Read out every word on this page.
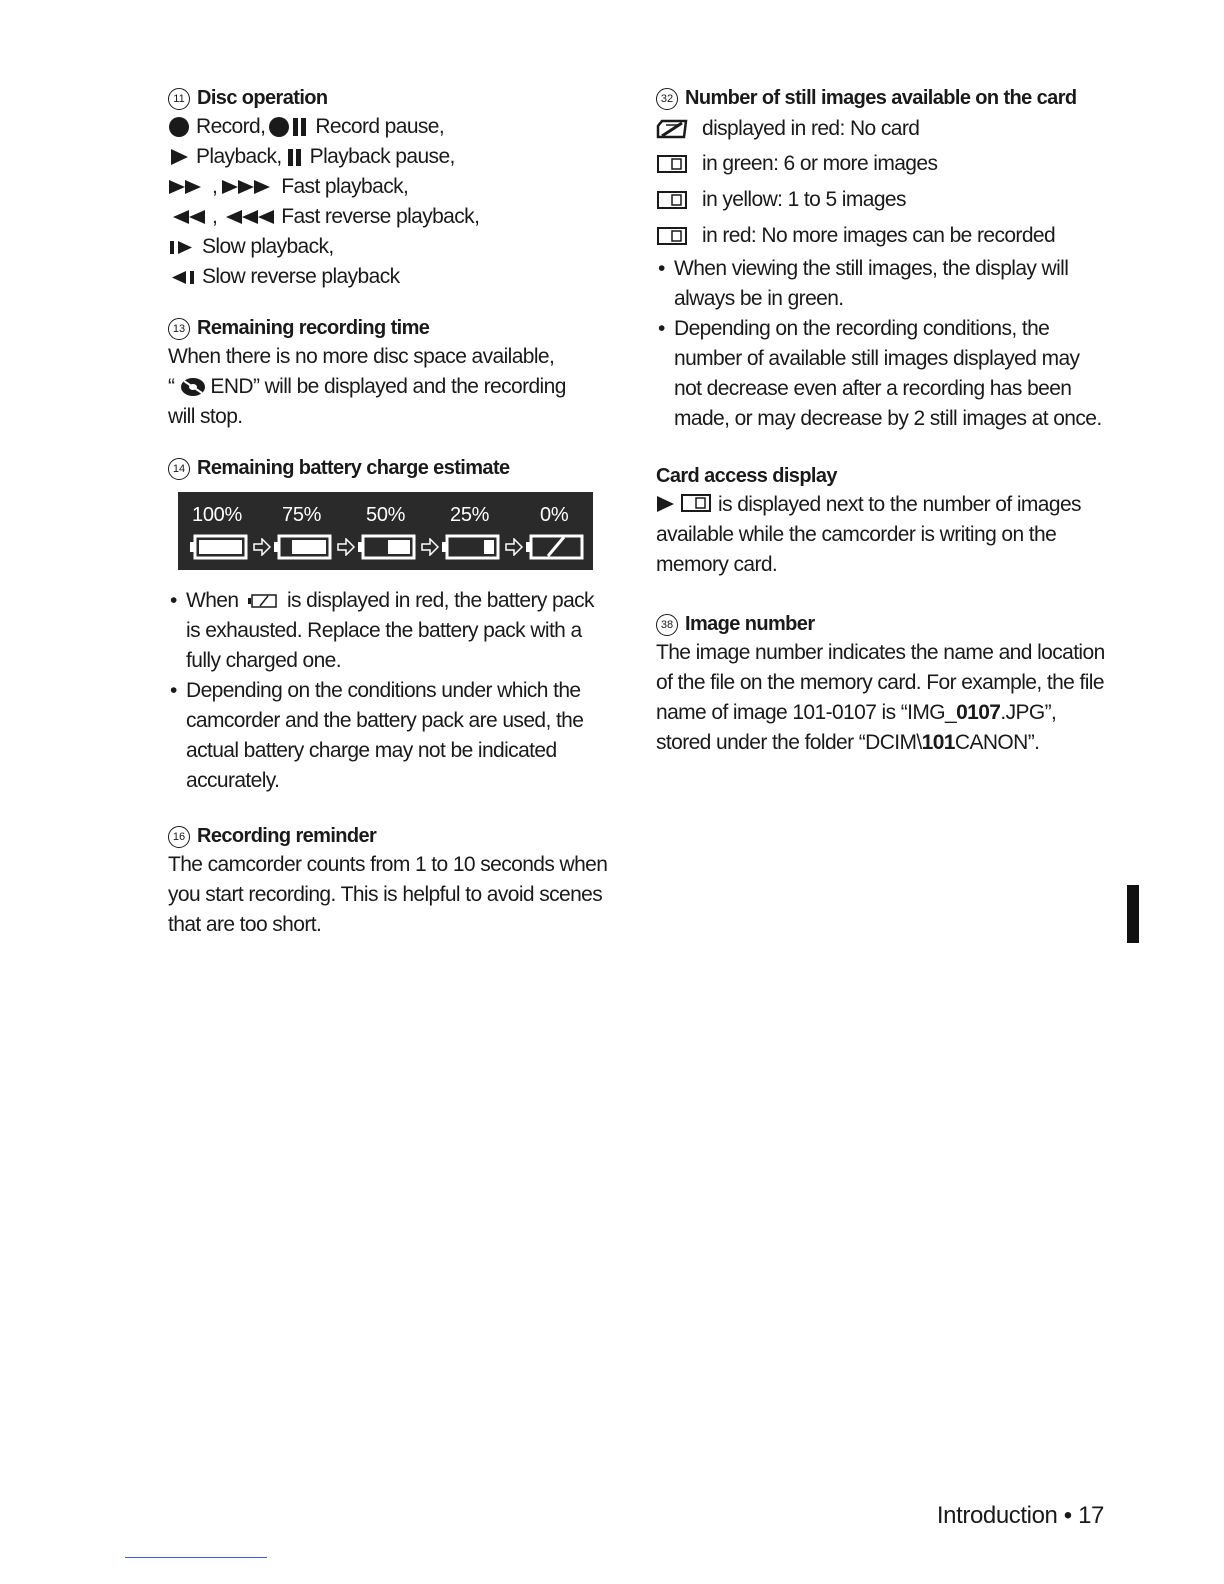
11 Disc operation

Record, Record pause,
Playback, Playback pause,
,	Fast playback,
,	Fast reverse playback,
Slow playback,
Slow reverse playback

13 Remaining recording time

When there is no more disc space available,
“ END” will be displayed and the recording
will stop.

14 Remaining battery charge estimate

100% 75% 50% 25%	0%
• When is displayed in red, the battery pack is exhausted. Replace the battery pack with a fully charged one.
• Depending on the conditions under which the camcorder and the battery pack are used, the actual battery charge may not be indicated accurately.

16 Recording reminder

The camcorder counts from 1 to 10 seconds when you start recording. This is helpful to avoid scenes that are too short.

32 Number of still images available on the card

displayed in red: No card
in green: 6 or more images
in yellow: 1 to 5 images
in red: No more images can be recorded
• When viewing the still images, the display will always be in green.
• Depending on the recording conditions, the number of available still images displayed may not decrease even after a recording has been made, or may decrease by 2 still images at once.

Card access display

is displayed next to the number of images available while the camcorder is writing on the memory card.

38 Image number

The image number indicates the name and location of the file on the memory card. For example, the file name of image 101-0107 is “IMG_0107.JPG”, stored under the folder “DCIM\101CANON”.
Introduction • 17
